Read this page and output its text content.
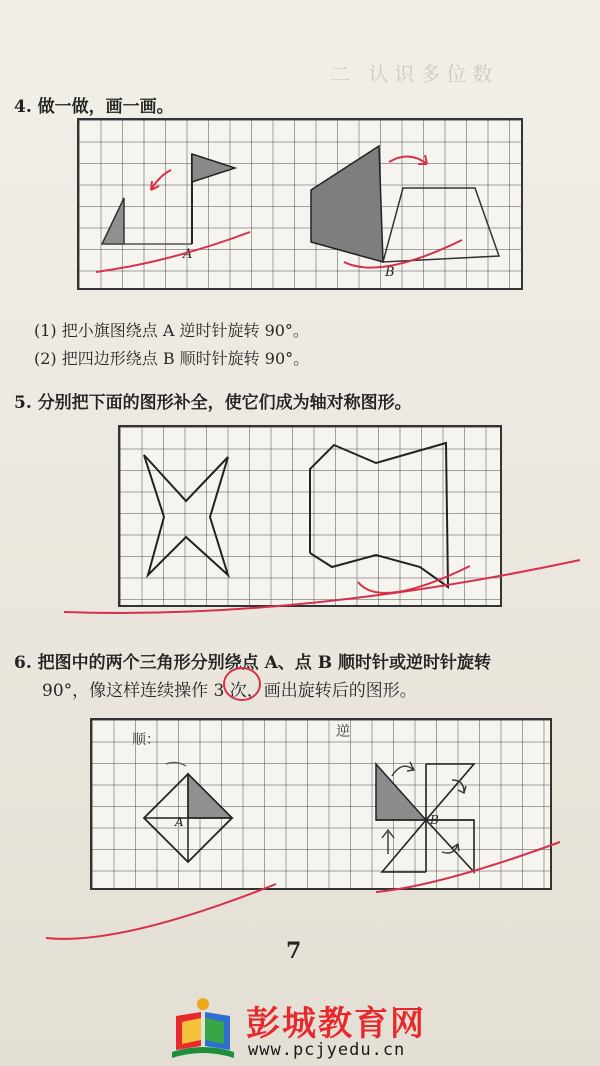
二 认识多位数
4. 做一做，画一画。
A
B
(1) 把小旗图绕点 A 逆时针旋转 90°。
(2) 把四边形绕点 B 顺时针旋转 90°。
5. 分别把下面的图形补全，使它们成为轴对称图形。
6. 把图中的两个三角形分别绕点 A、点 B 顺时针或逆时针旋转
90°，像这样连续操作 3 次，画出旋转后的图形。
顺：
A
逆
B
7
彭城教育网
www.pcjyedu.cn
